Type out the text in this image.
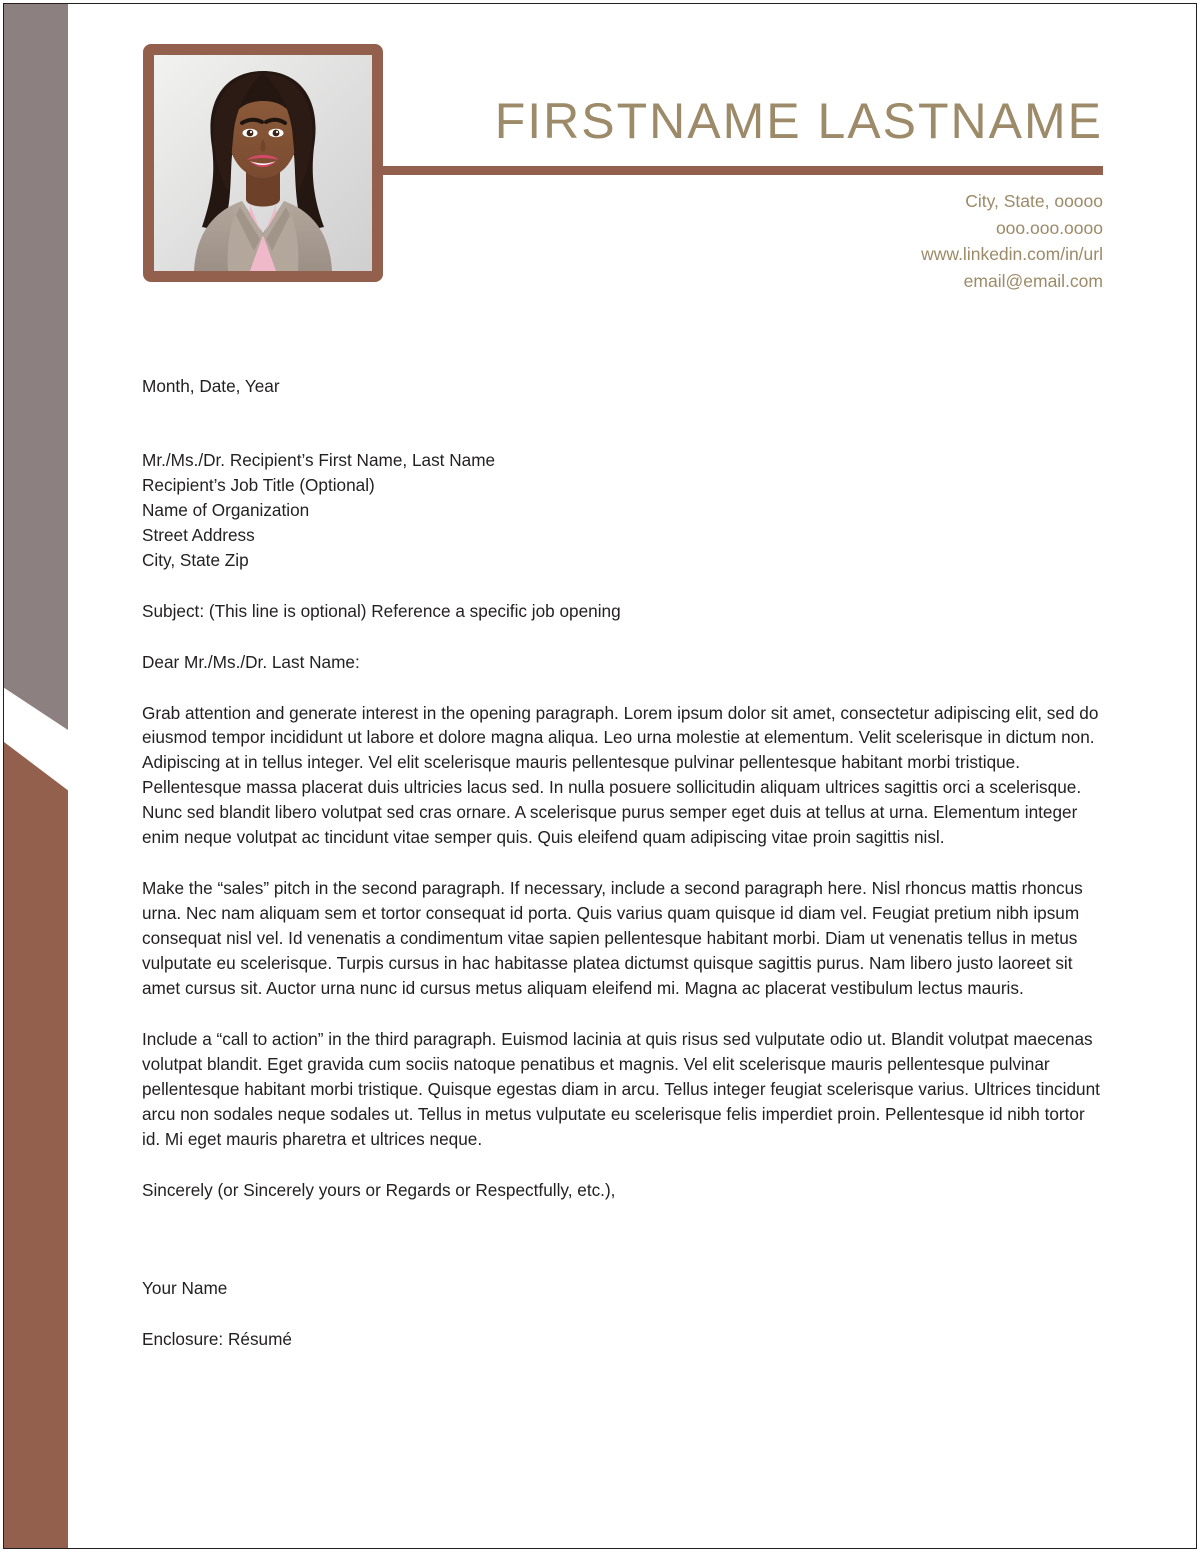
FIRSTNAME LASTNAME
City, State, ooooo
ooo.ooo.oooo
www.linkedin.com/in/url
email@email.com

Month, Date, Year

Mr./Ms./Dr. Recipient’s First Name, Last Name
Recipient’s Job Title (Optional)
Name of Organization
Street Address
City, State Zip

Subject: (This line is optional) Reference a specific job opening

Dear Mr./Ms./Dr. Last Name:

Grab attention and generate interest in the opening paragraph. Lorem ipsum dolor sit amet, consectetur adipiscing elit, sed do eiusmod tempor incididunt ut labore et dolore magna aliqua. Leo urna molestie at elementum. Velit scelerisque in dictum non. Adipiscing at in tellus integer. Vel elit scelerisque mauris pellentesque pulvinar pellentesque habitant morbi tristique. Pellentesque massa placerat duis ultricies lacus sed. In nulla posuere sollicitudin aliquam ultrices sagittis orci a scelerisque. Nunc sed blandit libero volutpat sed cras ornare. A scelerisque purus semper eget duis at tellus at urna. Elementum integer enim neque volutpat ac tincidunt vitae semper quis. Quis eleifend quam adipiscing vitae proin sagittis nisl.

Make the “sales” pitch in the second paragraph. If necessary, include a second paragraph here. Nisl rhoncus mattis rhoncus urna. Nec nam aliquam sem et tortor consequat id porta. Quis varius quam quisque id diam vel. Feugiat pretium nibh ipsum consequat nisl vel. Id venenatis a condimentum vitae sapien pellentesque habitant morbi. Diam ut venenatis tellus in metus vulputate eu scelerisque. Turpis cursus in hac habitasse platea dictumst quisque sagittis purus. Nam libero justo laoreet sit amet cursus sit. Auctor urna nunc id cursus metus aliquam eleifend mi. Magna ac placerat vestibulum lectus mauris.

Include a “call to action” in the third paragraph. Euismod lacinia at quis risus sed vulputate odio ut. Blandit volutpat maecenas volutpat blandit. Eget gravida cum sociis natoque penatibus et magnis. Vel elit scelerisque mauris pellentesque pulvinar pellentesque habitant morbi tristique. Quisque egestas diam in arcu. Tellus integer feugiat scelerisque varius. Ultrices tincidunt arcu non sodales neque sodales ut. Tellus in metus vulputate eu scelerisque felis imperdiet proin. Pellentesque id nibh tortor id. Mi eget mauris pharetra et ultrices neque.

Sincerely (or Sincerely yours or Regards or Respectfully, etc.),

Your Name

Enclosure: Résumé
